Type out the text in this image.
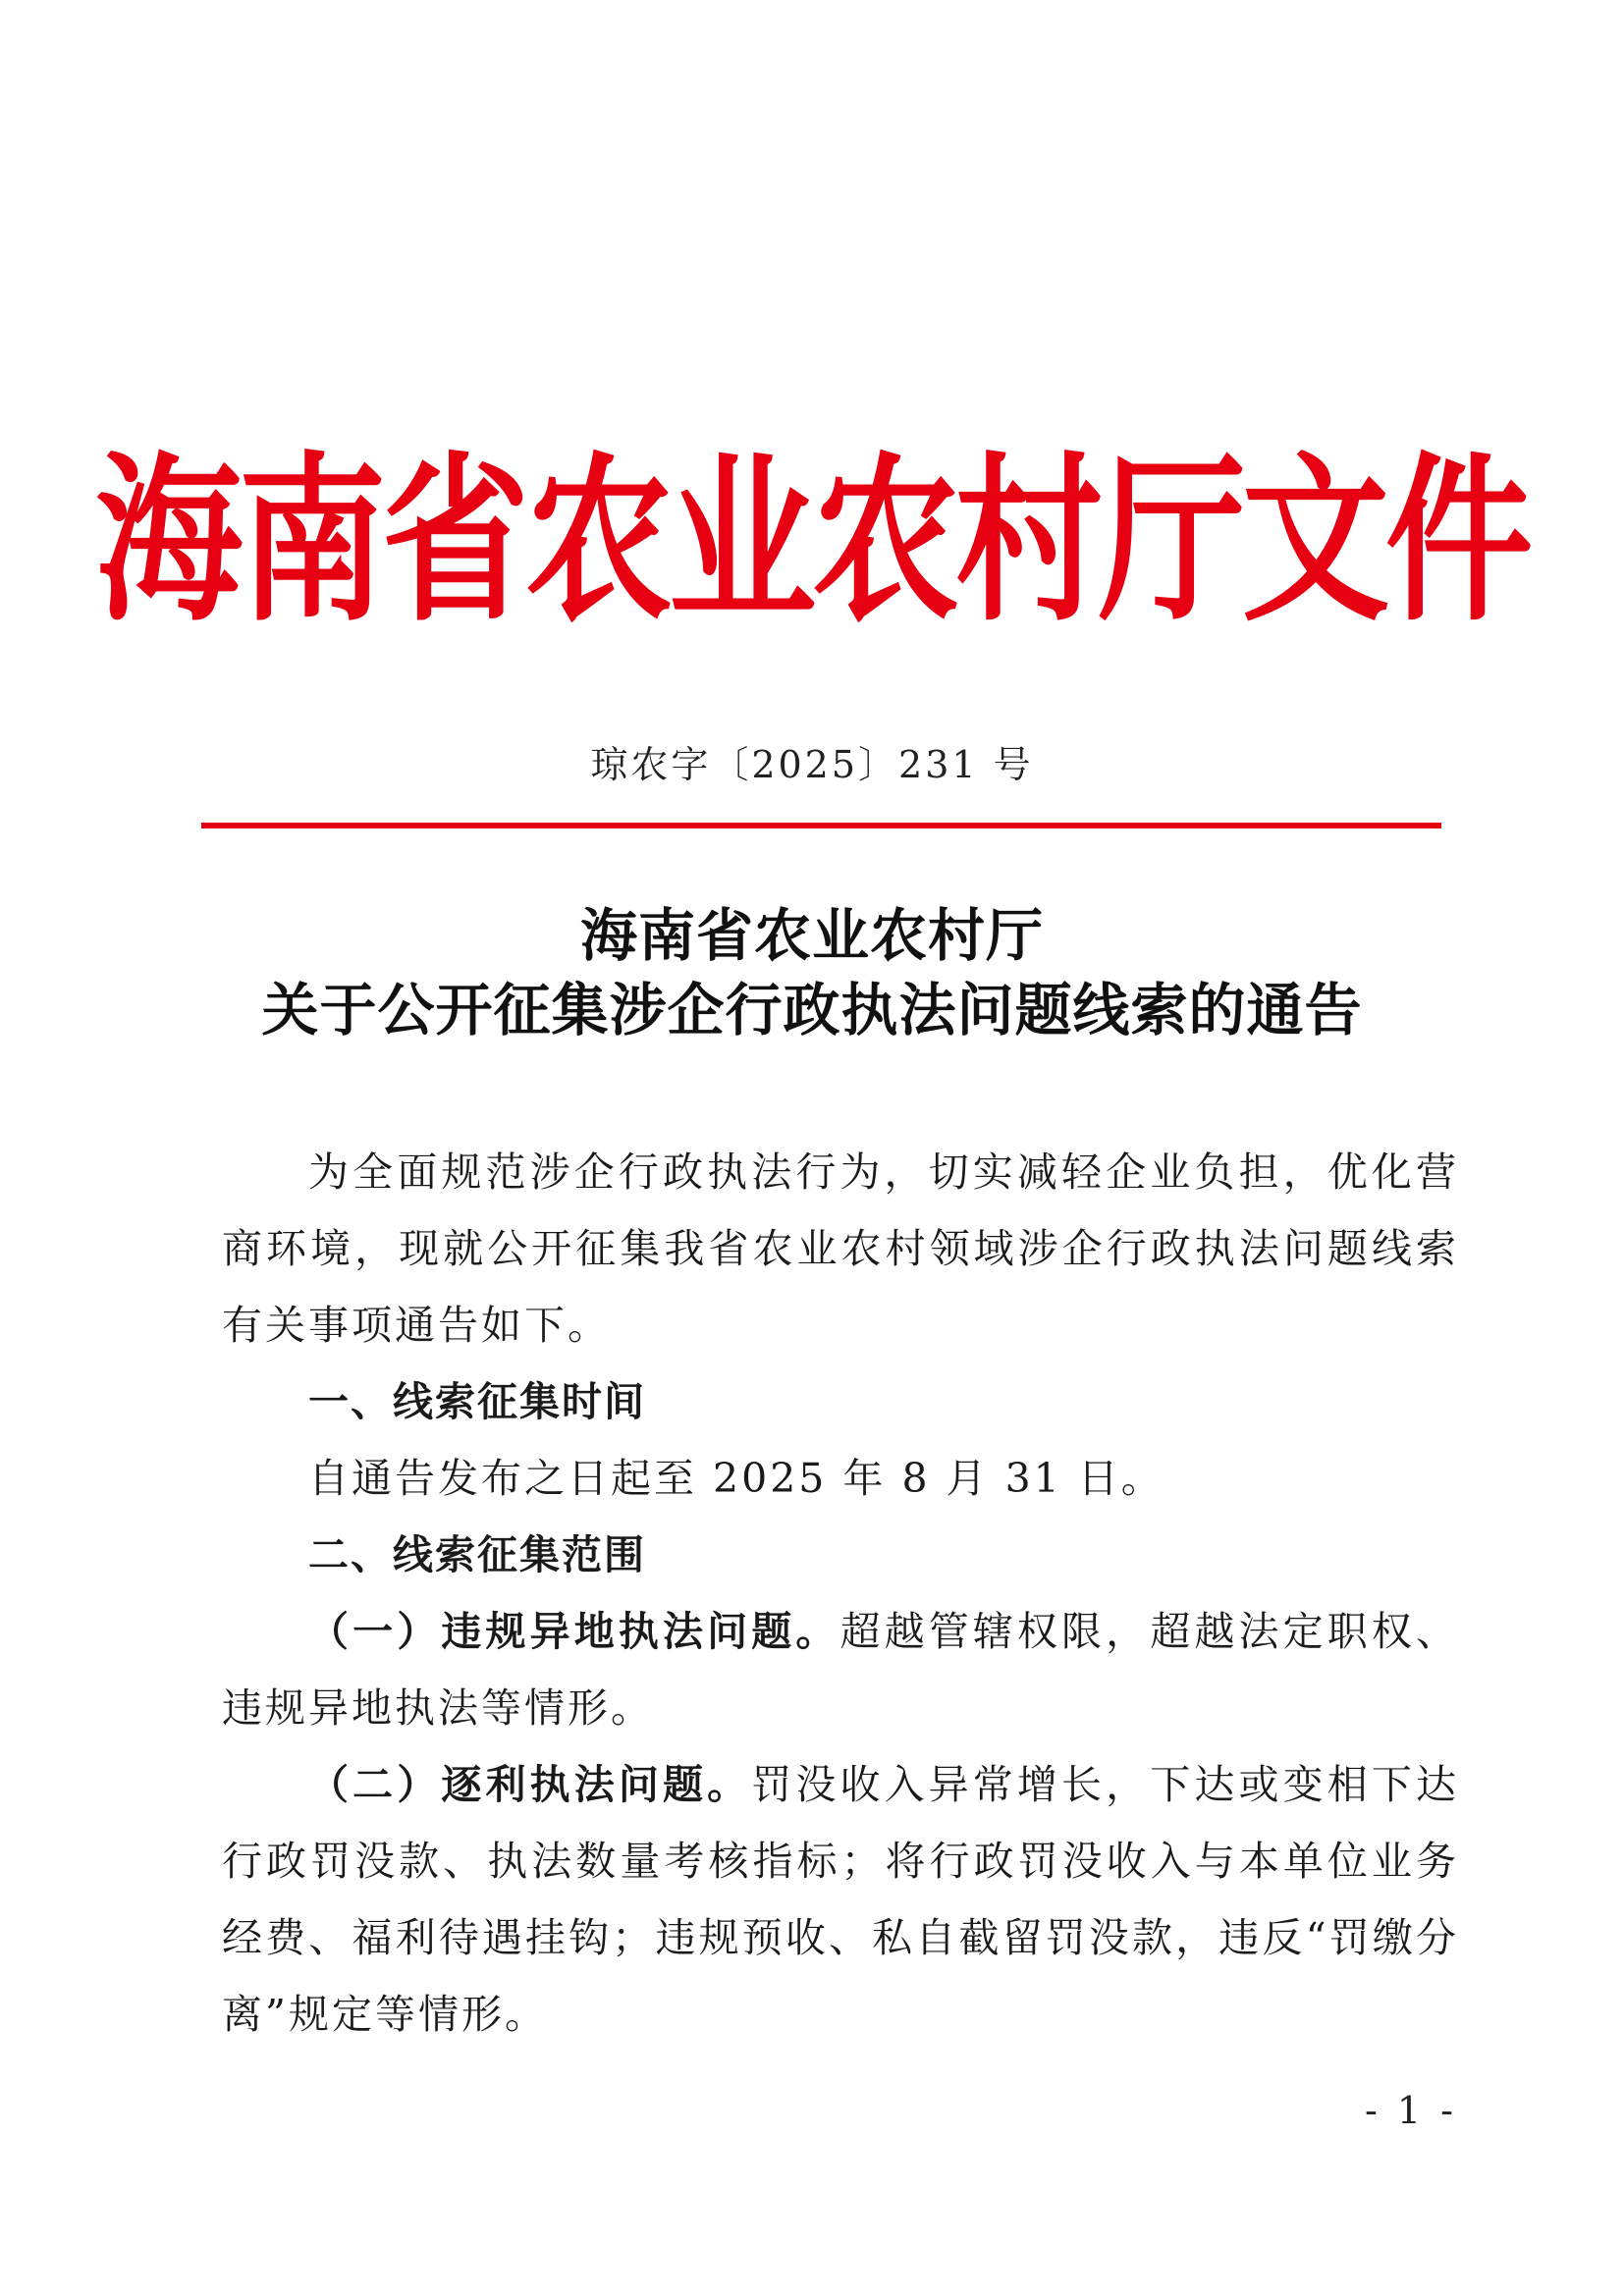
海南省农业农村厅文件
琼农字〔2025〕231 号
海南省农业农村厅
关于公开征集涉企行政执法问题线索的通告

为全面规范涉企行政执法行为，切实减轻企业负担，优化营商环境，现就公开征集我省农业农村领域涉企行政执法问题线索有关事项通告如下。

一、线索征集时间

自通告发布之日起至 2025 年 8 月 31 日。

二、线索征集范围

（一）违规异地执法问题。超越管辖权限，超越法定职权、违规异地执法等情形。

（二）逐利执法问题。罚没收入异常增长，下达或变相下达行政罚没款、执法数量考核指标；将行政罚没收入与本单位业务经费、福利待遇挂钩；违规预收、私自截留罚没款，违反“罚缴分离”规定等情形。

- 1 -
